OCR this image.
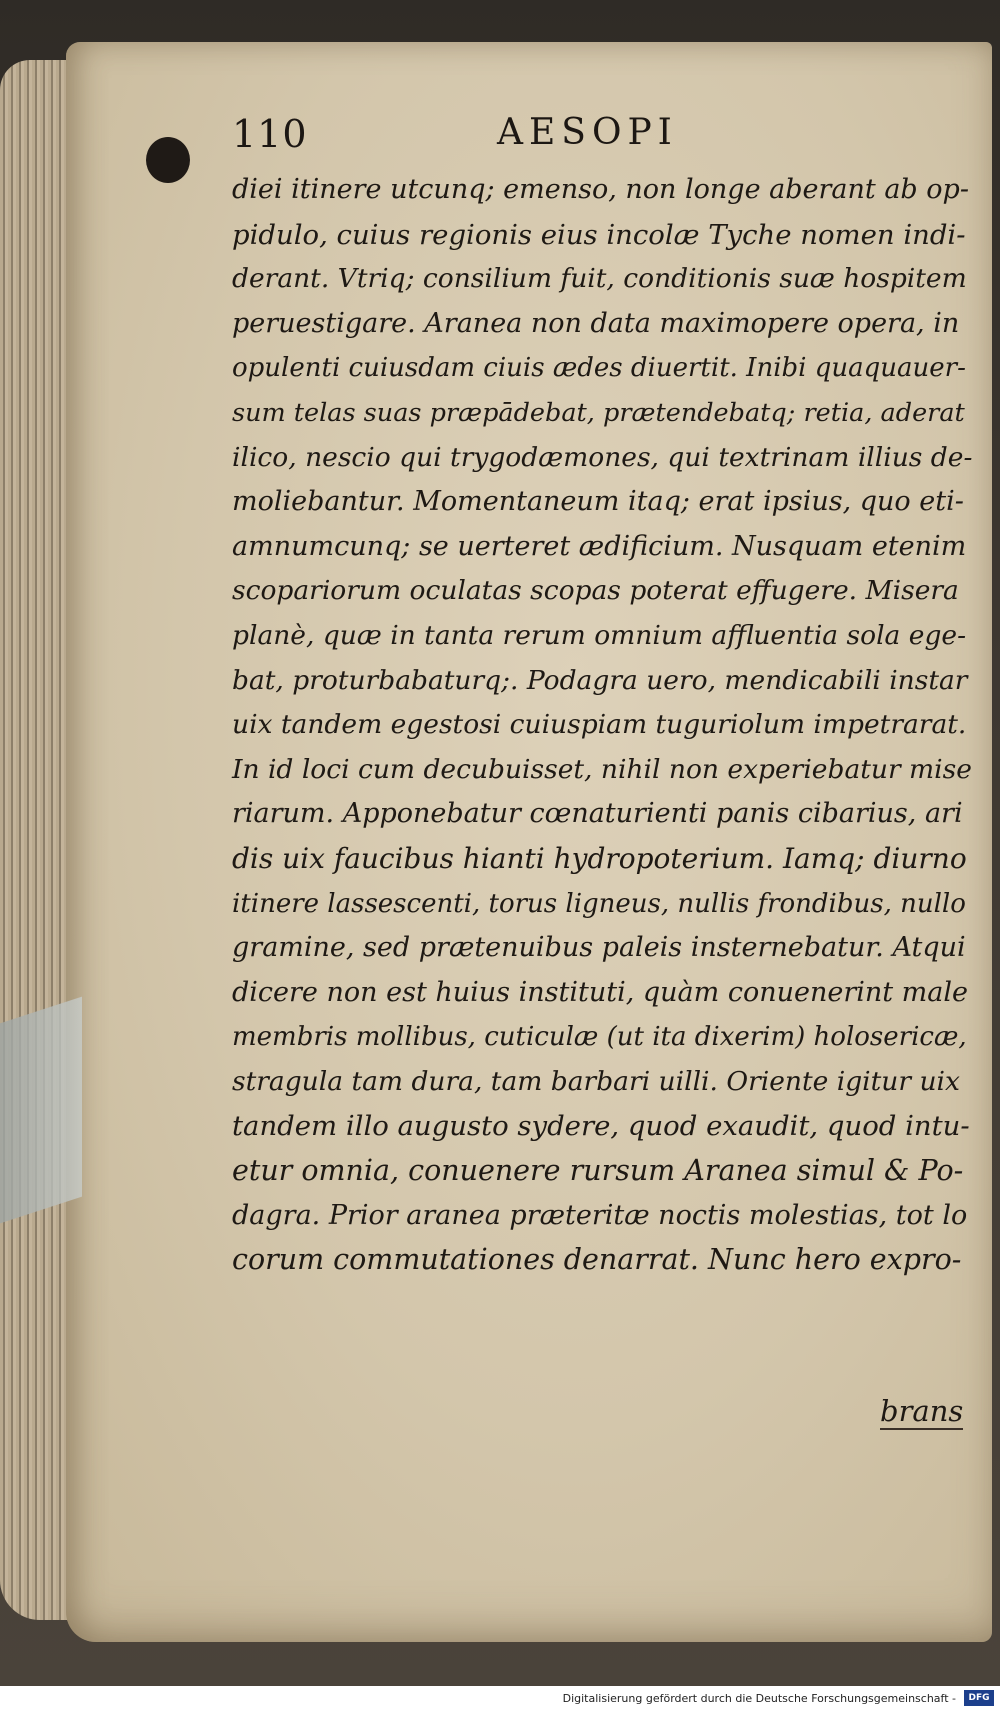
110	AESOPI
diei itinere utcunq; emenso, non longe aberant ab op-
pidulo, cuius regionis eius incolæ Tyche nomen indi-
derant. Vtriq; consilium fuit, conditionis suæ hospitem
peruestigare. Aranea non data maximopere opera, in
opulenti cuiusdam ciuis ædes diuertit. Inibi quaquauer-
sum telas suas præpādebat, prætendebatq; retia, aderat
ilico, nescio qui trygodæmones, qui textrinam illius de-
moliebantur. Momentaneum itaq; erat ipsius, quo eti-
amnumcunq; se uerteret ædificium. Nusquam etenim
scopariorum oculatas scopas poterat effugere. Misera
planè, quæ in tanta rerum omnium affluentia sola ege-
bat, proturbabaturq;. Podagra uero, mendicabili instar
uix tandem egestosi cuiuspiam tuguriolum impetrarat.
In id loci cum decubuisset, nihil non experiebatur mise
riarum. Apponebatur cœnaturienti panis cibarius, ari
dis uix faucibus hianti hydropoterium. Iamq; diurno
itinere lassescenti, torus ligneus, nullis frondibus, nullo
gramine, sed prætenuibus paleis insternebatur. Atqui
dicere non est huius instituti, quàm conuenerint male
membris mollibus, cuticulæ (ut ita dixerim) holosericæ,
stragula tam dura, tam barbari uilli. Oriente igitur uix
tandem illo augusto sydere, quod exaudit, quod intu-
etur omnia, conuenere rursum Aranea simul & Po-
dagra. Prior aranea præteritæ noctis molestias, tot lo
corum commutationes denarrat. Nunc hero expro-
brans
Digitalisierung gefördert durch die Deutsche Forschungsgemeinschaft -	DFG
